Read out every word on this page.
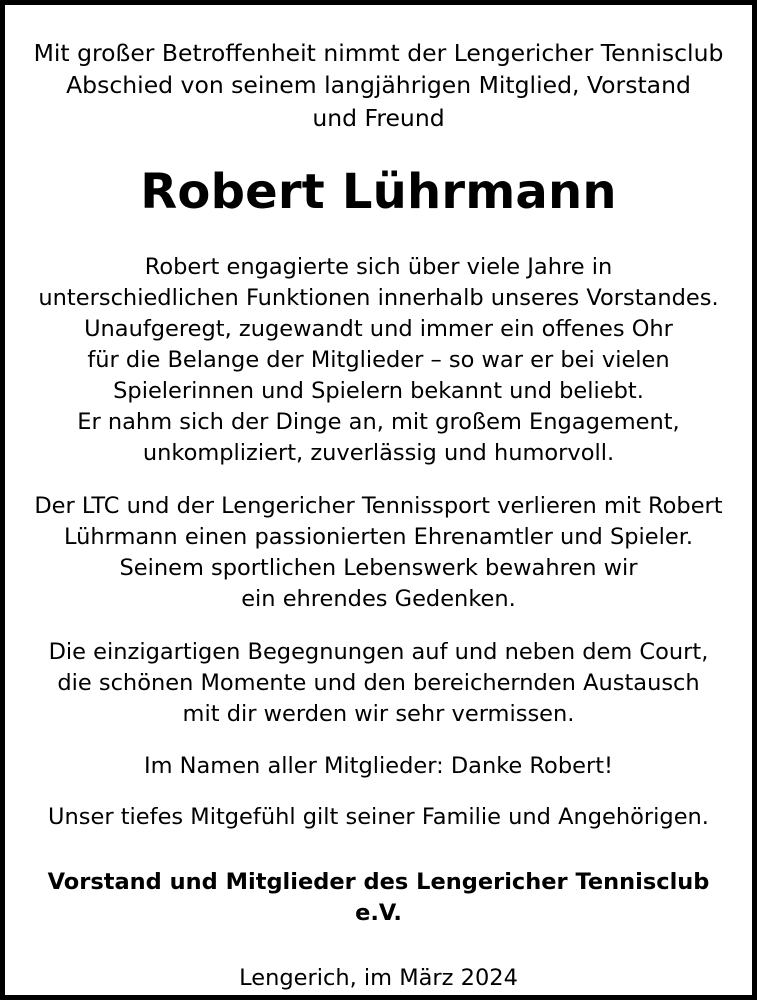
Mit großer Betroffenheit nimmt der Lengericher Tennisclub
Abschied von seinem langjährigen Mitglied, Vorstand
und Freund
Robert Lührmann
Robert engagierte sich über viele Jahre in
unterschiedlichen Funktionen innerhalb unseres Vorstandes.
Unaufgeregt, zugewandt und immer ein offenes Ohr
für die Belange der Mitglieder – so war er bei vielen
Spielerinnen und Spielern bekannt und beliebt.
Er nahm sich der Dinge an, mit großem Engagement,
unkompliziert, zuverlässig und humorvoll.
Der LTC und der Lengericher Tennissport verlieren mit Robert
Lührmann einen passionierten Ehrenamtler und Spieler.
Seinem sportlichen Lebenswerk bewahren wir
ein ehrendes Gedenken.
Die einzigartigen Begegnungen auf und neben dem Court,
die schönen Momente und den bereichernden Austausch
mit dir werden wir sehr vermissen.
Im Namen aller Mitglieder: Danke Robert!
Unser tiefes Mitgefühl gilt seiner Familie und Angehörigen.
Vorstand und Mitglieder des Lengericher Tennisclub e.V.
Lengerich, im März 2024
